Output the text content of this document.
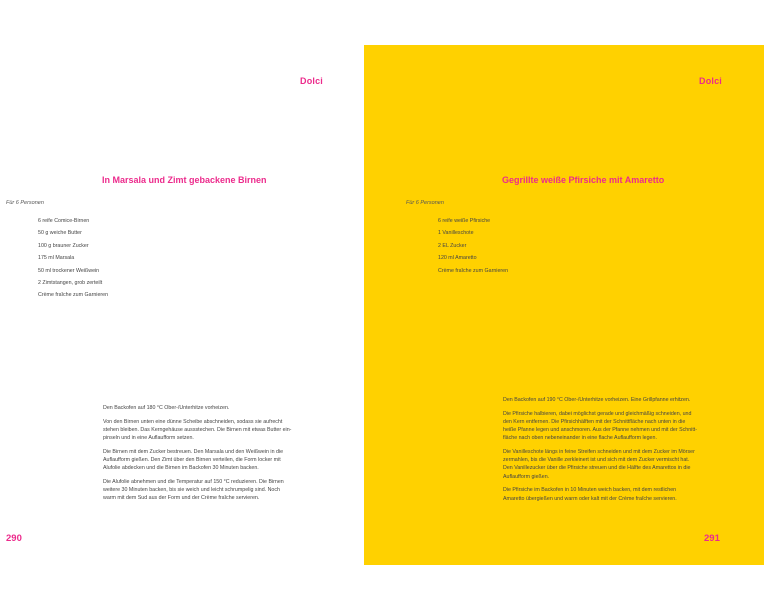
Dolci
In Marsala und Zimt gebackene Birnen
Für 6 Personen
6 reife Comice-Birnen
50 g weiche Butter
100 g brauner Zucker
175 ml Marsala
50 ml trockener Weißwein
2 Zimtstangen, grob zerteilt
Crème fraîche zum Garnieren

Den Backofen auf 180 °C Ober-/Unterhitze vorheizen.

Von den Birnen unten eine dünne Scheibe abschneiden, sodass sie aufrecht
stehen bleiben. Das Kerngehäuse aussstechen. Die Birnen mit etwas Butter ein-
pinseln und in eine Auflaufform setzen.

Die Birnen mit dem Zucker bestreuen. Den Marsala und den Weißwein in die
Auflaufform gießen. Den Zimt über den Birnen verteilen, die Form locker mit
Alufolie abdecken und die Birnen im Backofen 30 Minuten backen.

Die Alufolie abnehmen und die Temperatur auf 150 °C reduzieren. Die Birnen
weitere 30 Minuten backen, bis sie weich und leicht schrumpelig sind. Noch
warm mit dem Sud aus der Form und der Crème fraîche servieren.

290
Dolci
Gegrillte weiße Pfirsiche mit Amaretto
Für 6 Personen
6 reife weiße Pfirsiche
1 Vanilleschote
2 EL Zucker
120 ml Amaretto
Crème fraîche zum Garnieren

Den Backofen auf 190 °C Ober-/Unterhitze vorheizen. Eine Grillpfanne erhitzen.

Die Pfirsiche halbieren, dabei möglichst gerade und gleichmäßig schneiden, und
den Kern entfernen. Die Pfirsichhälften mit der Schnittfläche nach unten in die
heiße Pfanne legen und anschmoren. Aus der Pfanne nehmen und mit der Schnitt-
fläche nach oben nebeneinander in eine flache Auflaufform legen.

Die Vanilleschote längs in feine Streifen schneiden und mit dem Zucker im Mörser
zermahlen, bis die Vanille zerkleinert ist und sich mit dem Zucker vermischt hat.
Den Vanillezucker über die Pfirsiche streuen und die Hälfte des Amarettos in die
Auflaufform gießen.

Die Pfirsiche im Backofen in 10 Minuten weich backen, mit dem restlichen
Amaretto übergießen und warm oder kalt mit der Crème fraîche servieren.

291
